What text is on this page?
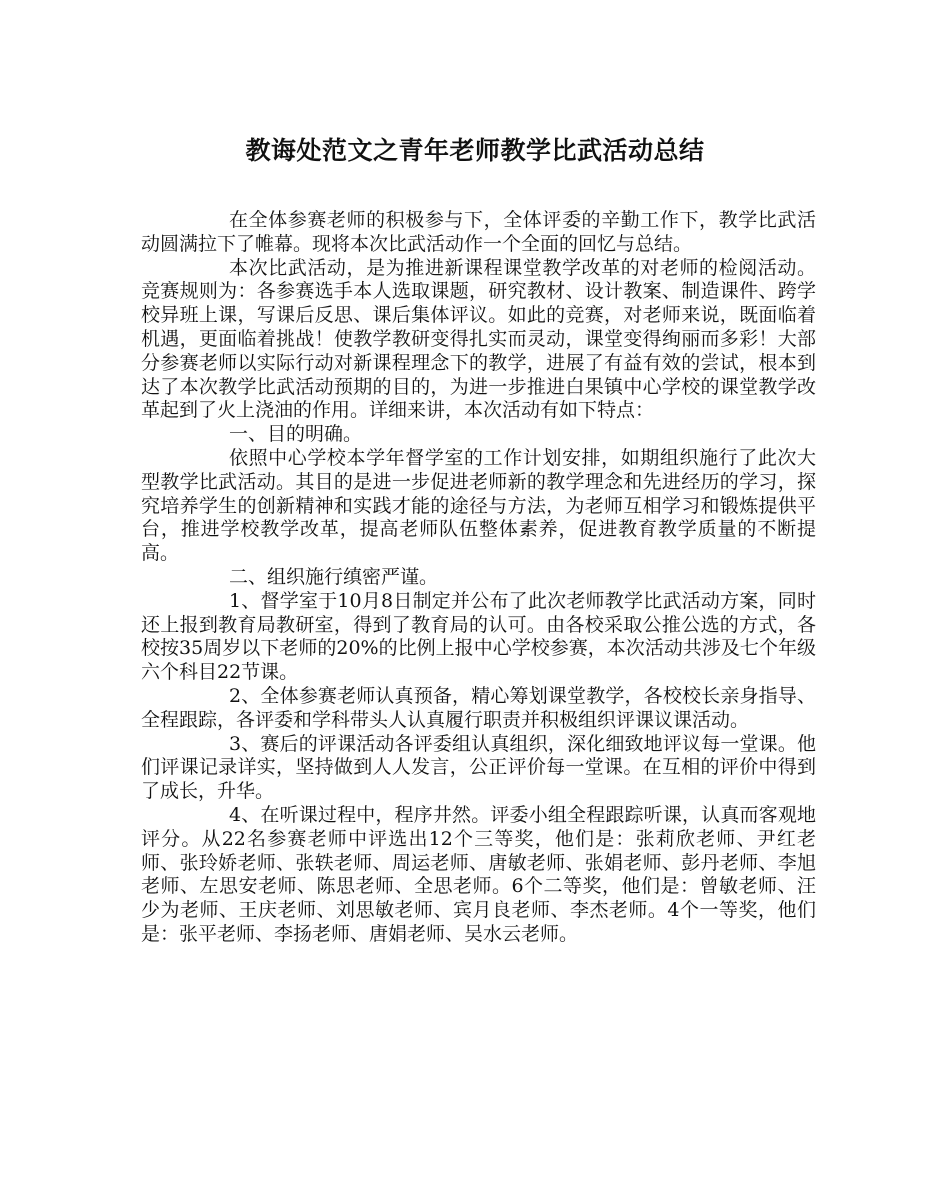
教诲处范文之青年老师教学比武活动总结

在全体参赛老师的积极参与下，全体评委的辛勤工作下，教学比武活动圆满拉下了帷幕。现将本次比武活动作一个全面的回忆与总结。

本次比武活动，是为推进新课程课堂教学改革的对老师的检阅活动。竞赛规则为：各参赛选手本人选取课题，研究教材、设计教案、制造课件、跨学校异班上课，写课后反思、课后集体评议。如此的竞赛，对老师来说，既面临着机遇，更面临着挑战！使教学教研变得扎实而灵动，课堂变得绚丽而多彩！大部分参赛老师以实际行动对新课程理念下的教学，进展了有益有效的尝试，根本到达了本次教学比武活动预期的目的，为进一步推进白果镇中心学校的课堂教学改革起到了火上浇油的作用。详细来讲，本次活动有如下特点：

一、目的明确。

依照中心学校本学年督学室的工作计划安排，如期组织施行了此次大型教学比武活动。其目的是进一步促进老师新的教学理念和先进经历的学习，探究培养学生的创新精神和实践才能的途径与方法，为老师互相学习和锻炼提供平台，推进学校教学改革，提高老师队伍整体素养，促进教育教学质量的不断提高。

二、组织施行缜密严谨。

1、督学室于10月8日制定并公布了此次老师教学比武活动方案，同时还上报到教育局教研室，得到了教育局的认可。由各校采取公推公选的方式，各校按35周岁以下老师的20%的比例上报中心学校参赛，本次活动共涉及七个年级六个科目22节课。

2、全体参赛老师认真预备，精心筹划课堂教学，各校校长亲身指导、全程跟踪，各评委和学科带头人认真履行职责并积极组织评课议课活动。

3、赛后的评课活动各评委组认真组织，深化细致地评议每一堂课。他们评课记录详实，坚持做到人人发言，公正评价每一堂课。在互相的评价中得到了成长，升华。

4、在听课过程中，程序井然。评委小组全程跟踪听课，认真而客观地评分。从22名参赛老师中评选出12个三等奖，他们是：张莉欣老师、尹红老师、张玲娇老师、张轶老师、周运老师、唐敏老师、张娟老师、彭丹老师、李旭老师、左思安老师、陈思老师、全思老师。6个二等奖，他们是：曾敏老师、汪少为老师、王庆老师、刘思敏老师、宾月良老师、李杰老师。4个一等奖，他们是：张平老师、李扬老师、唐娟老师、吴水云老师。
